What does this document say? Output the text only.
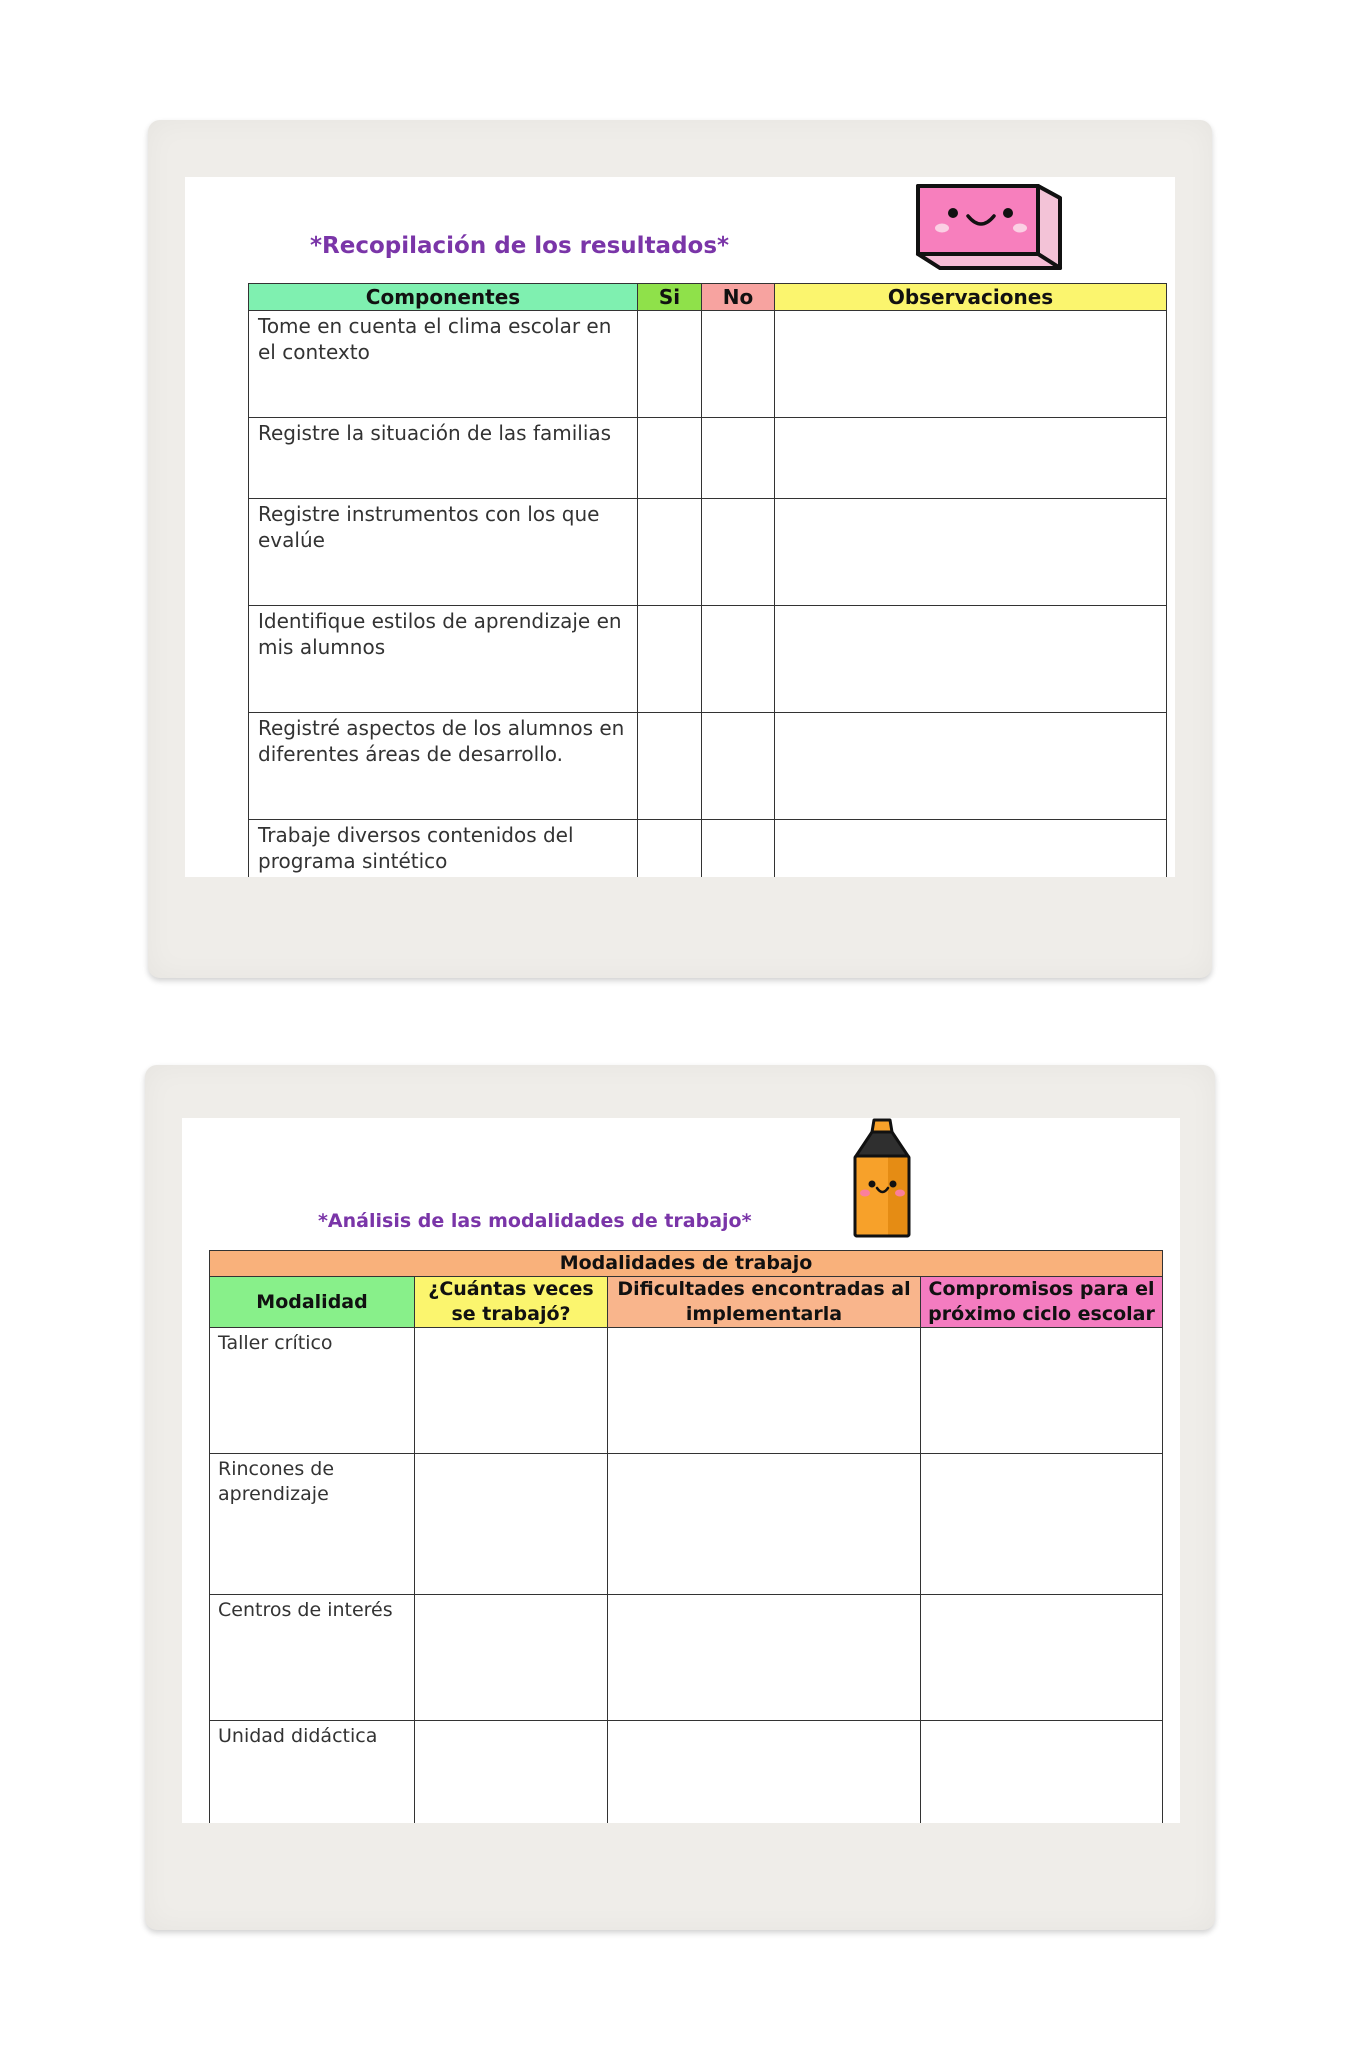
*Recopilación de los resultados*
Componentes	Si	No	Observaciones
Tome en cuenta el clima escolar en el contexto			
Registre la situación de las familias			
Registre instrumentos con los que evalúe			
Identifique estilos de aprendizaje en mis alumnos			
Registré aspectos de los alumnos en diferentes áreas de desarrollo.			
Trabaje diversos contenidos del programa sintético			
*Análisis de las modalidades de trabajo*
Modalidades de trabajo			
Modalidad	¿Cuántas veces se trabajó?	Dificultades encontradas al implementarla	Compromisos para el próximo ciclo escolar
Taller crítico			
Rincones de aprendizaje			
Centros de interés			
Unidad didáctica			
